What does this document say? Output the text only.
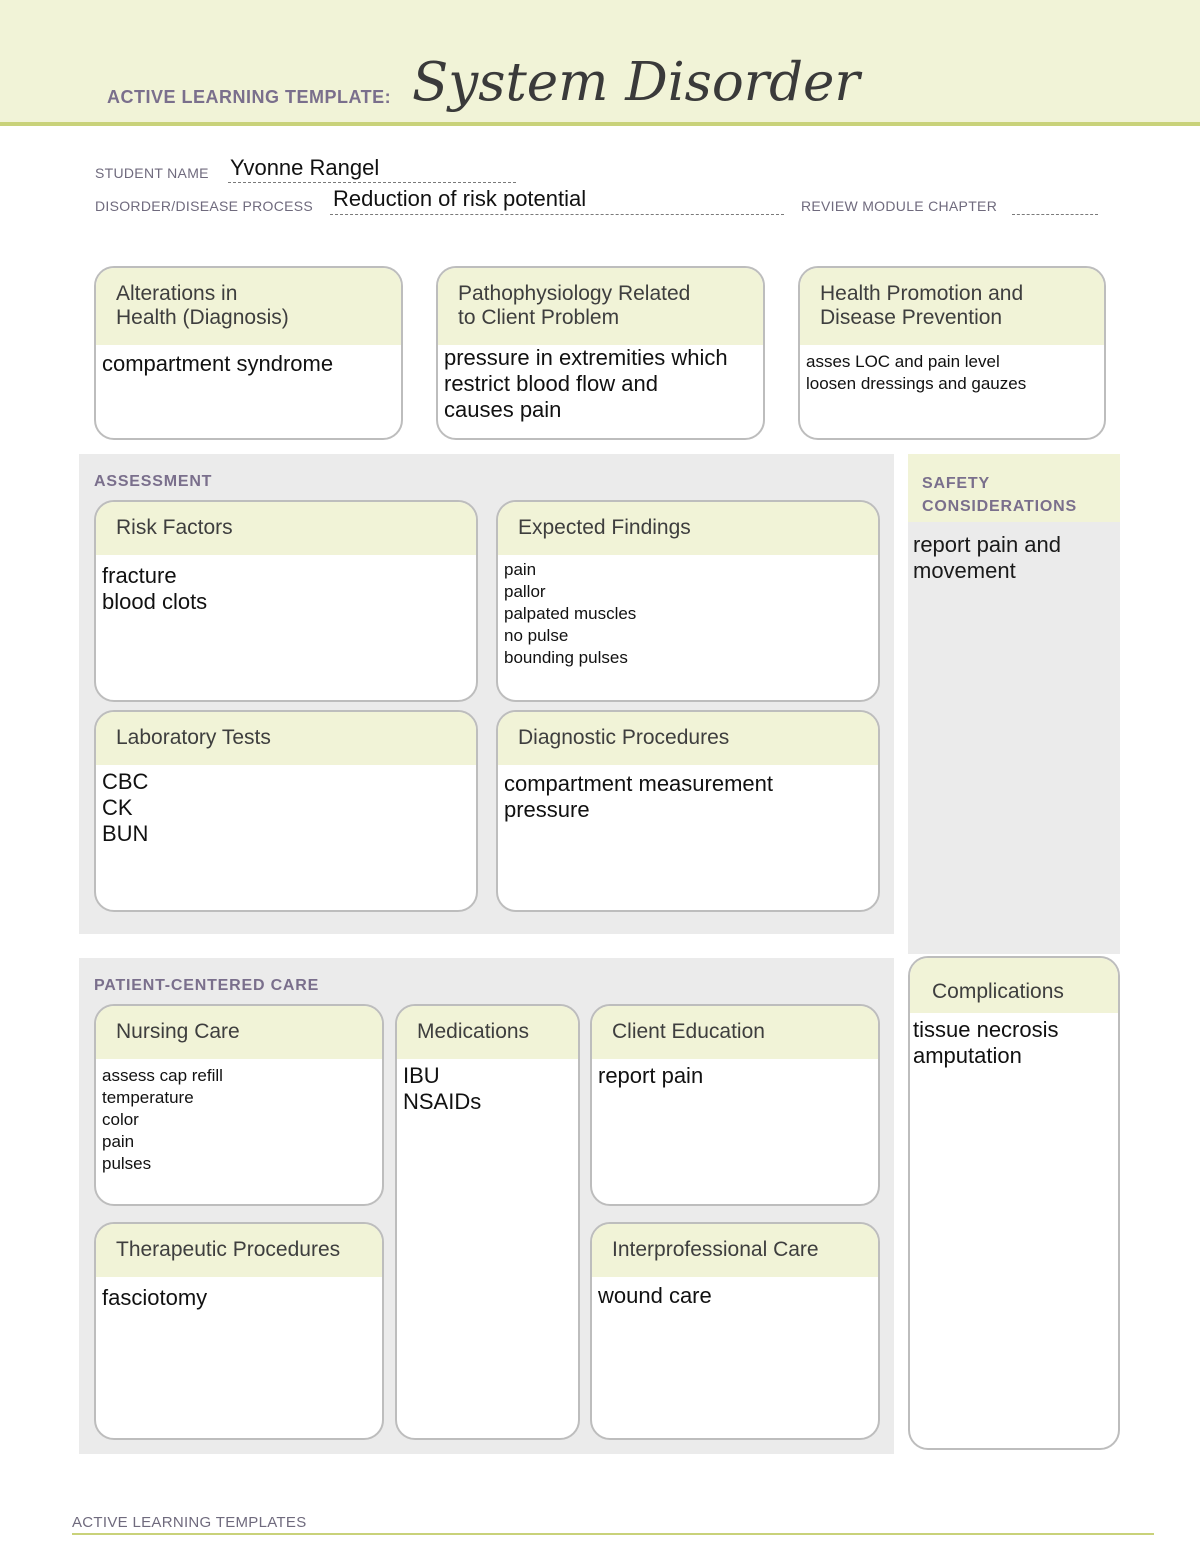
ACTIVE LEARNING TEMPLATE: System Disorder
STUDENT NAME Yvonne Rangel
DISORDER/DISEASE PROCESS Reduction of risk potential	REVIEW MODULE CHAPTER
Alterations in
Health (Diagnosis)
compartment syndrome
Pathophysiology Related
to Client Problem
pressure in extremities which
restrict blood flow and
causes pain
Health Promotion and
Disease Prevention
asses LOC and pain level
loosen dressings and gauzes
ASSESSMENT
Risk Factors
fracture
blood clots
Expected Findings
pain
pallor
palpated muscles
no pulse
bounding pulses
Laboratory Tests
CBC
CK
BUN
Diagnostic Procedures
compartment measurement
pressure
SAFETY
CONSIDERATIONS
report pain and
movement
PATIENT-CENTERED CARE
Nursing Care
assess cap refill
temperature
color
pain
pulses
Medications
IBU
NSAIDs
Client Education
report pain
Therapeutic Procedures
fasciotomy
Interprofessional Care
wound care
Complications
tissue necrosis
amputation
ACTIVE LEARNING TEMPLATES
